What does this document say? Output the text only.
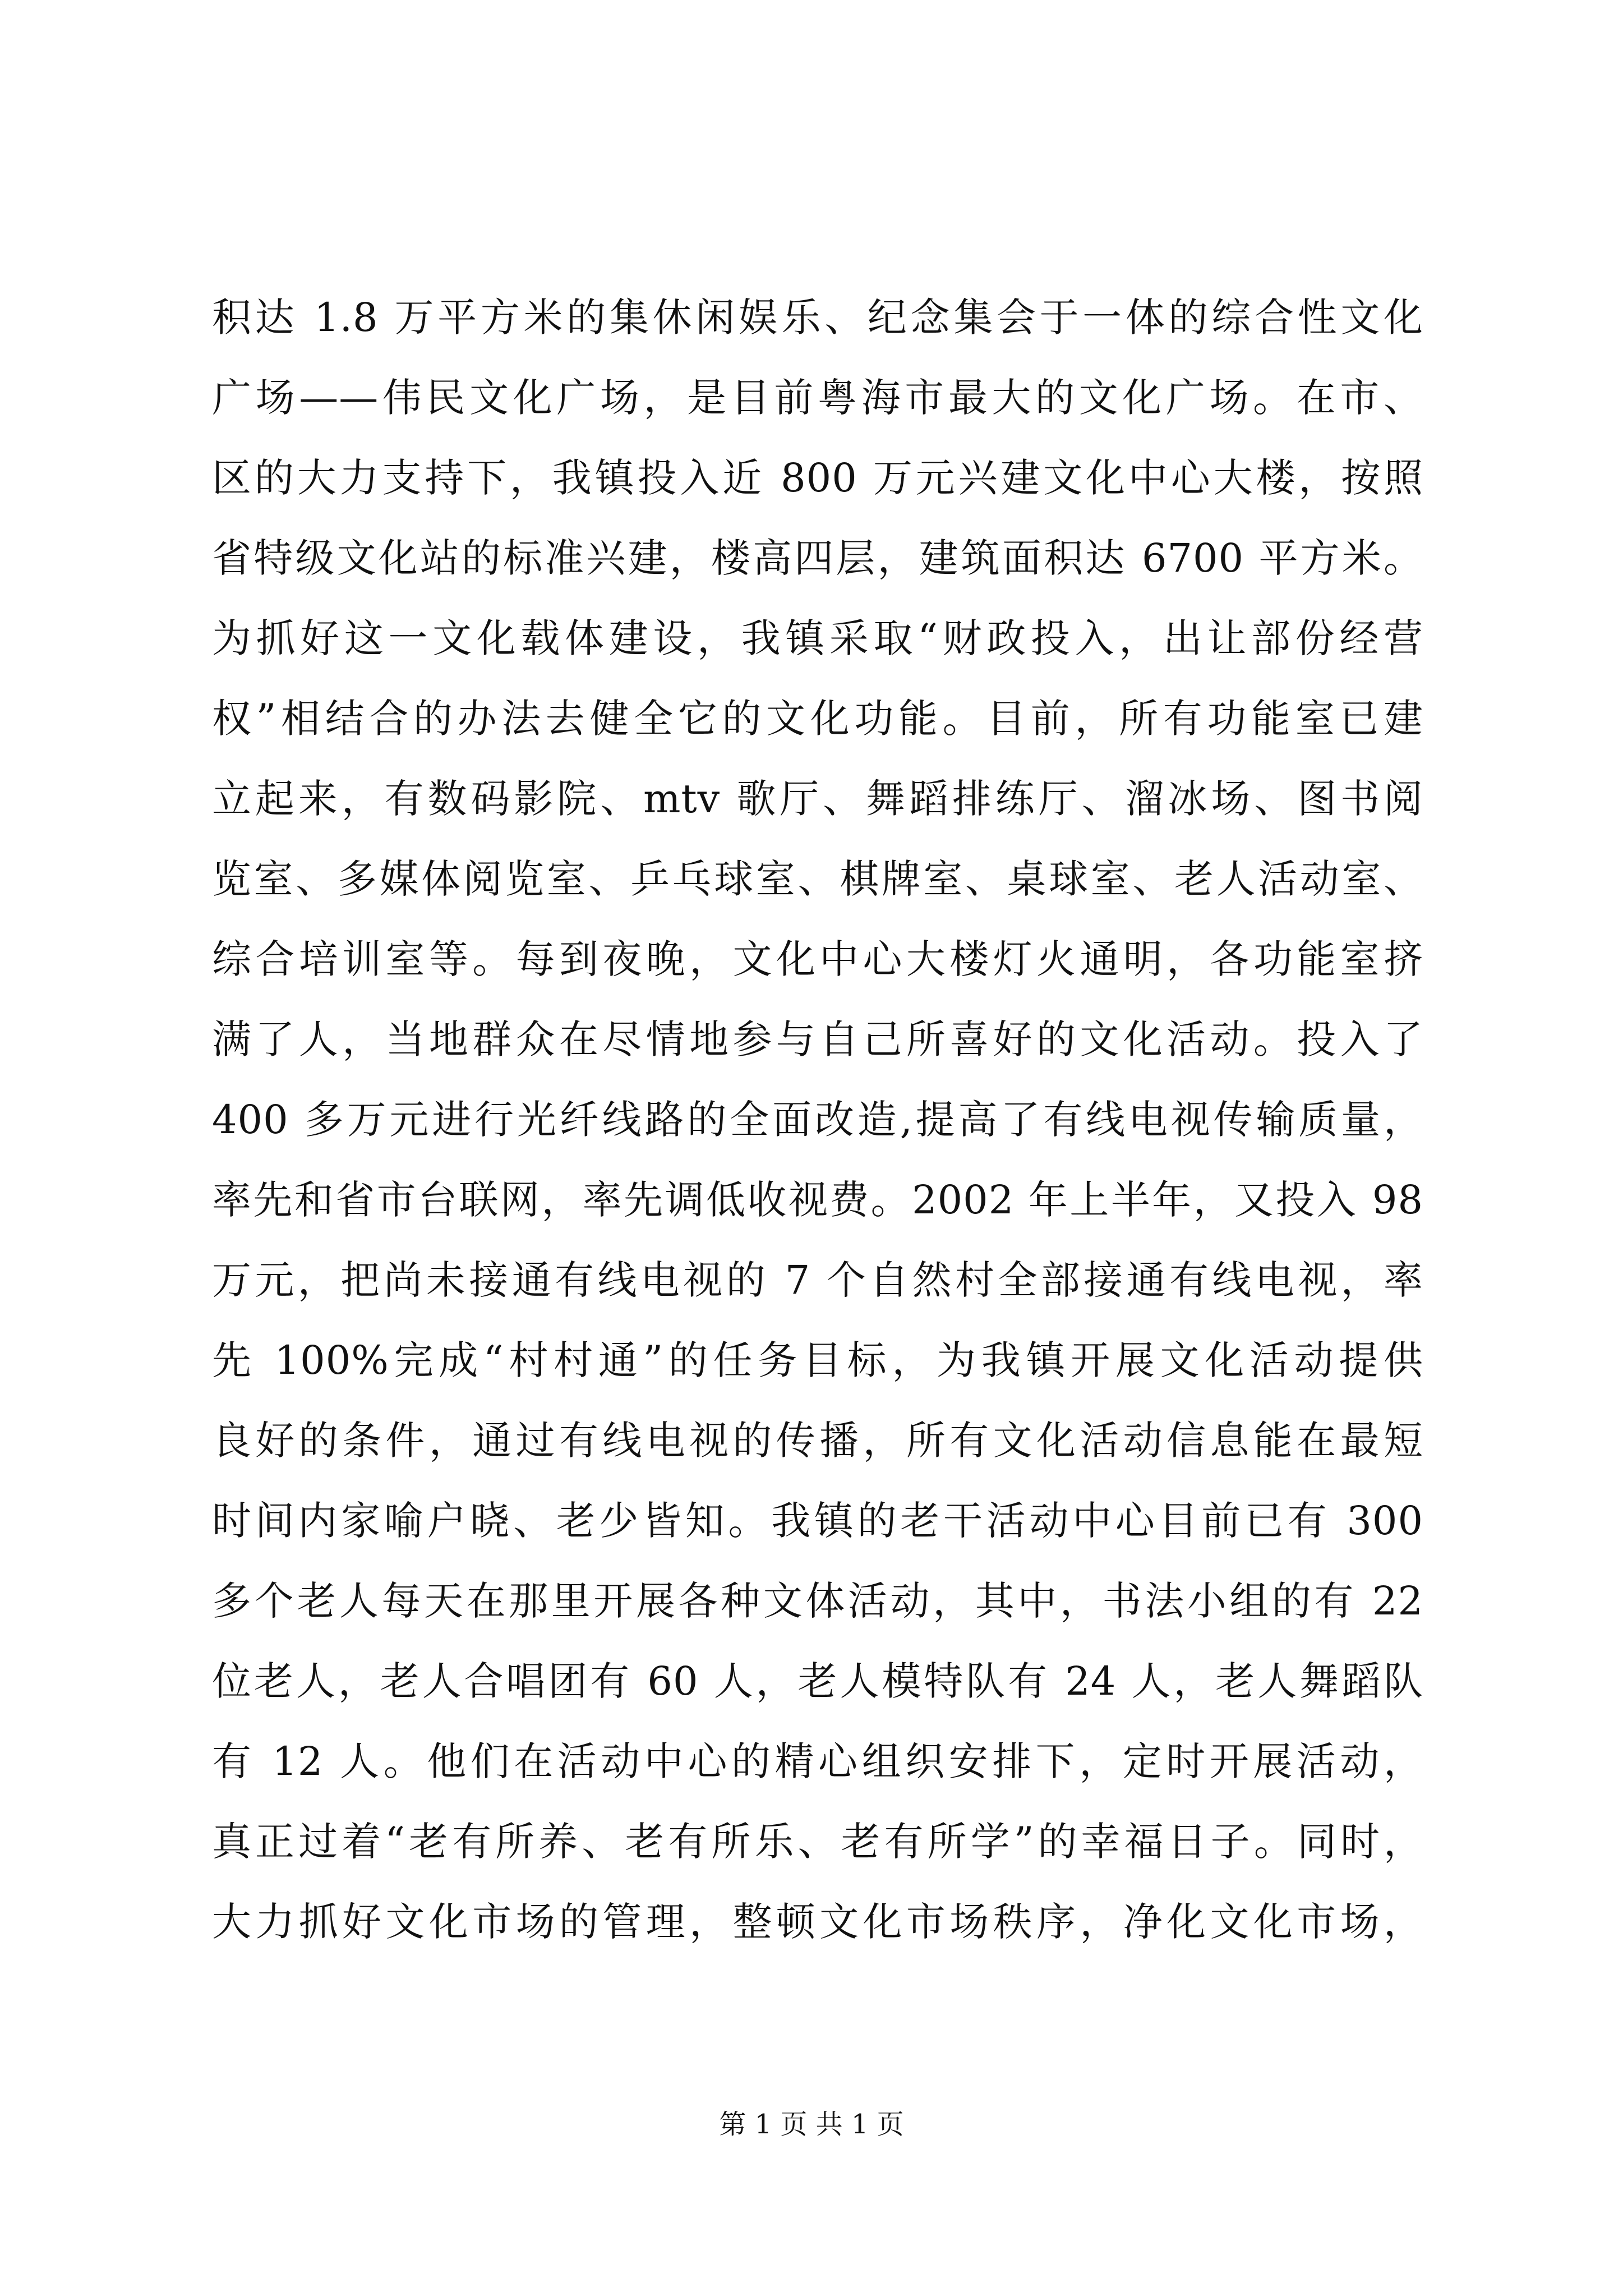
积达 1.8 万平方米的集休闲娱乐、纪念集会于一体的综合性文化
广场——伟民文化广场，是目前粤海市最大的文化广场。在市、
区的大力支持下，我镇投入近 800 万元兴建文化中心大楼，按照
省特级文化站的标准兴建，楼高四层，建筑面积达 6700 平方米。
为抓好这一文化载体建设，我镇采取“财政投入，出让部份经营
权”相结合的办法去健全它的文化功能。目前，所有功能室已建
立起来，有数码影院、mtv 歌厅、舞蹈排练厅、溜冰场、图书阅
览室、多媒体阅览室、乒乓球室、棋牌室、桌球室、老人活动室、
综合培训室等。每到夜晚，文化中心大楼灯火通明，各功能室挤
满了人，当地群众在尽情地参与自己所喜好的文化活动。投入了
400 多万元进行光纤线路的全面改造,提高了有线电视传输质量，
率先和省市台联网，率先调低收视费。2002 年上半年，又投入 98
万元，把尚未接通有线电视的 7 个自然村全部接通有线电视，率
先 100%完成“村村通”的任务目标，为我镇开展文化活动提供
良好的条件，通过有线电视的传播，所有文化活动信息能在最短
时间内家喻户晓、老少皆知。我镇的老干活动中心目前已有 300
多个老人每天在那里开展各种文体活动，其中，书法小组的有 22
位老人，老人合唱团有 60 人，老人模特队有 24 人，老人舞蹈队
有 12 人。他们在活动中心的精心组织安排下，定时开展活动，
真正过着“老有所养、老有所乐、老有所学”的幸福日子。同时，
大力抓好文化市场的管理，整顿文化市场秩序，净化文化市场，
第 1 页 共 1 页
